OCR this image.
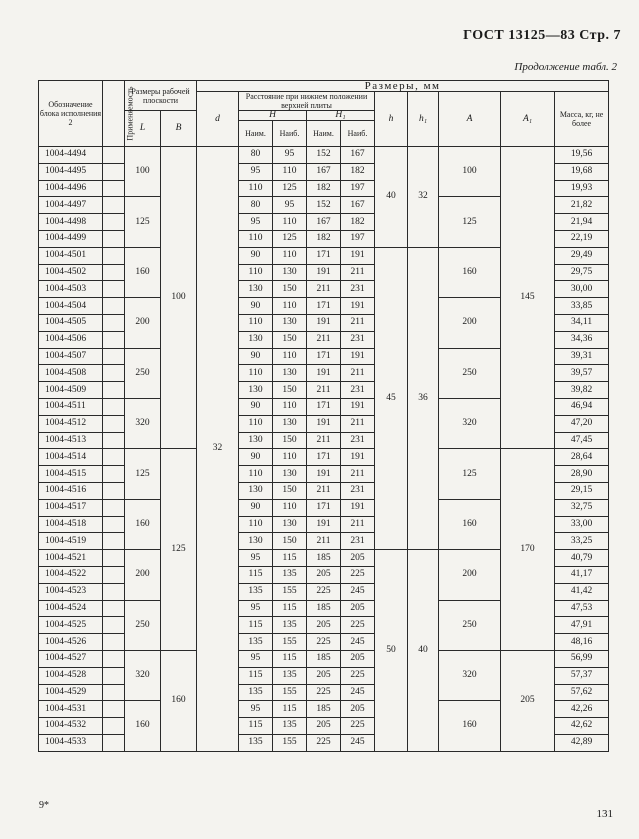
ГОСТ 13125—83 Стр. 7
Продолжение табл. 2
Обозначение блока исполнения 2	Применяемость	Размеры рабочей плоскости		Размеры, мм									
				d	Расстояние при нижнем положении верхней плиты				h	h₁	A	A₁	Масса, кг, не более
		L	B		H		H₁						
					Наим.	Наиб.	Наим.	Наиб.					
1004-4494		100	100	32	80	95	152	167	40	32	100	145	19,56
1004-4495					95	110	167	182					19,68
1004-4496					110	125	182	197					19,93
1004-4497		125			80	95	152	167			125		21,82
1004-4498					95	110	167	182					21,94
1004-4499					110	125	182	197					22,19
1004-4501		160			90	110	171	191	45	36	160		29,49
1004-4502					110	130	191	211					29,75
1004-4503					130	150	211	231					30,00
1004-4504		200			90	110	171	191			200		33,85
1004-4505					110	130	191	211					34,11
1004-4506					130	150	211	231					34,36
1004-4507		250			90	110	171	191			250		39,31
1004-4508					110	130	191	211					39,57
1004-4509					130	150	211	231					39,82
1004-4511		320			90	110	171	191			320		46,94
1004-4512					110	130	191	211					47,20
1004-4513					130	150	211	231					47,45
1004-4514		125	125		90	110	171	191			125	170	28,64
1004-4515					110	130	191	211					28,90
1004-4516					130	150	211	231					29,15
1004-4517		160			90	110	171	191			160		32,75
1004-4518					110	130	191	211					33,00
1004-4519					130	150	211	231					33,25
1004-4521		200			95	115	185	205	50	40	200		40,79
1004-4522					115	135	205	225					41,17
1004-4523					135	155	225	245					41,42
1004-4524		250			95	115	185	205			250		47,53
1004-4525					115	135	205	225					47,91
1004-4526					135	155	225	245					48,16
1004-4527		320	160		95	115	185	205			320	205	56,99
1004-4528					115	135	205	225					57,37
1004-4529					135	155	225	245					57,62
1004-4531		160			95	115	185	205			160		42,26
1004-4532					115	135	205	225					42,62
1004-4533					135	155	225	245					42,89
9*
131
